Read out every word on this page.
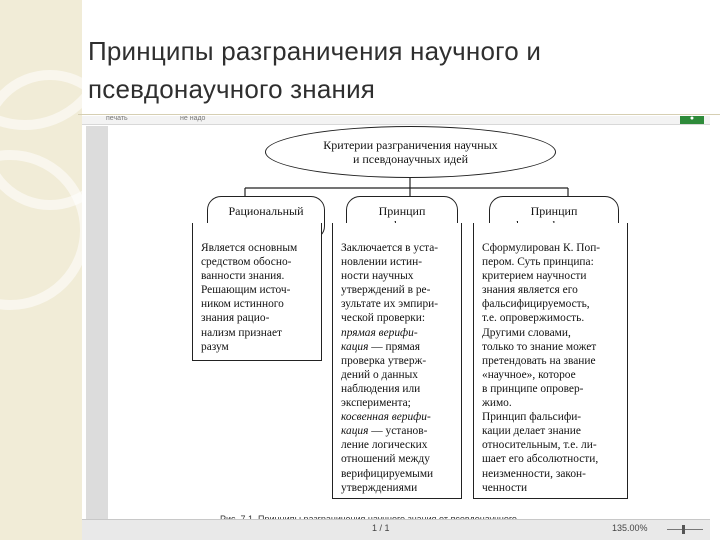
Принципы разграничения научного и
псевдонаучного знания
печать	не надо	●
Критерии разграничения научных
и псевдонаучных идей
Рациональный
Является основным
средством обосно-
ванности знания.
Решающим источ-
ником истинного
знания рацио-
нализм признает
разум
Принцип
Заключается в уста-
новлении истин-
ности научных
утверждений в ре-
зультате их эмпири-
ческой проверки:
прямая верифи-
кация — прямая
проверка утверж-
дений о данных
наблюдения или
эксперимента;
косвенная верифи-
кация — установ-
ление логических
отношений между
верифицируемыми
утверждениями
Принцип
Сформулирован К. Поп-
пером. Суть принципа:
критерием научности
знания является его
фальсифицируемость,
т.е. опровержимость.
Другими словами,
только то знание может
претендовать на звание
«научное», которое
в принципе опровер-
жимо.
Принцип фальсифи-
кации делает знание
относительным, т.е. ли-
шает его абсолютности,
неизменности, закон-
ченности
1 / 1	135.00%
